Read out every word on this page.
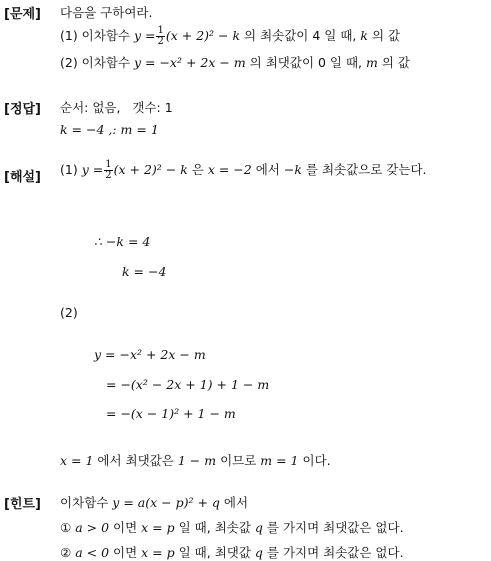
[문제] 다음을 구하여라.
(1) 이차함수 $y = \frac{1}{2} (x + 2)^2 - k$ 의 최솟값이 4 일 때, k 의 값
(2) 이차함수 y = −x² + 2x − m 의 최댓값이 0 일 때, m 의 값
[정답] 순서: 없음,   갯수: 1
k = −4 ,: m = 1
[해설]
(1) $y = \frac{1}{2} (x + 2)^2 - k$ 은 x = −2 에서 −k 를 최솟값으로 갖는다.
∴ −k = 4
k = −4
(2)
y = −x² + 2x − m
= −(x² − 2x + 1) + 1 − m
= −(x − 1)² + 1 − m
x = 1 에서 최댓값은 1 − m 이므로 m = 1 이다.
[힌트] 이차함수 y = a(x − p)² + q 에서
① a > 0 이면 x = p 일 때, 최솟값 q 를 가지며 최댓값은 없다.
② a < 0 이면 x = p 일 때, 최댓값 q 를 가지며 최솟값은 없다.
